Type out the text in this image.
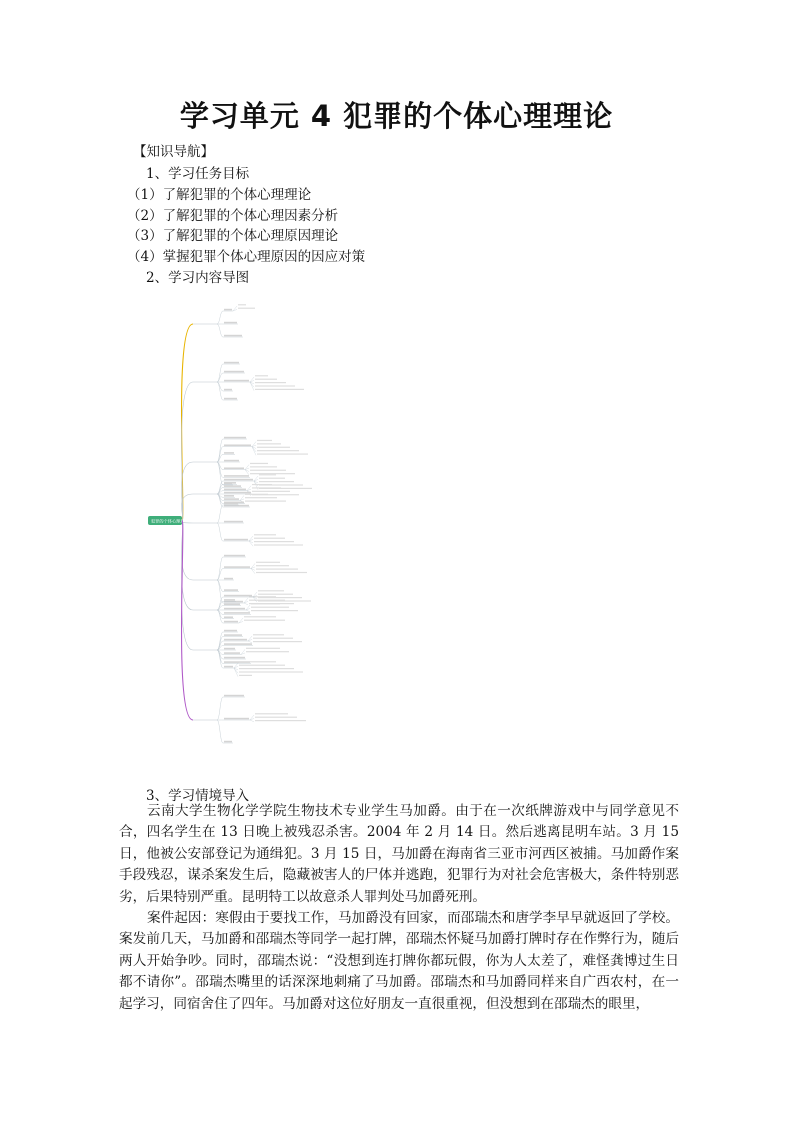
学习单元 4 犯罪的个体心理理论
【知识导航】
1、学习任务目标
（1）了解犯罪的个体心理理论
（2）了解犯罪的个体心理因素分析
（3）了解犯罪的个体心理原因理论
（4）掌握犯罪个体心理原因的因应对策
2、学习内容导图
犯罪的个体心理理论
3、学习情境导入

云南大学生物化学学院生物技术专业学生马加爵。由于在一次纸牌游戏中与同学意见不合，四名学生在 13 日晚上被残忍杀害。2004 年 2 月 14 日。然后逃离昆明车站。3 月 15 日，他被公安部登记为通缉犯。3 月 15 日，马加爵在海南省三亚市河西区被捕。马加爵作案手段残忍，谋杀案发生后，隐藏被害人的尸体并逃跑，犯罪行为对社会危害极大，条件特别恶劣，后果特别严重。昆明特工以故意杀人罪判处马加爵死刑。

案件起因：寒假由于要找工作，马加爵没有回家，而邵瑞杰和唐学李早早就返回了学校。案发前几天，马加爵和邵瑞杰等同学一起打牌，邵瑞杰怀疑马加爵打牌时存在作弊行为，随后两人开始争吵。同时，邵瑞杰说：“没想到连打牌你都玩假，你为人太差了，难怪龚博过生日都不请你”。邵瑞杰嘴里的话深深地刺痛了马加爵。邵瑞杰和马加爵同样来自广西农村，在一起学习，同宿舍住了四年。马加爵对这位好朋友一直很重视，但没想到在邵瑞杰的眼里，
